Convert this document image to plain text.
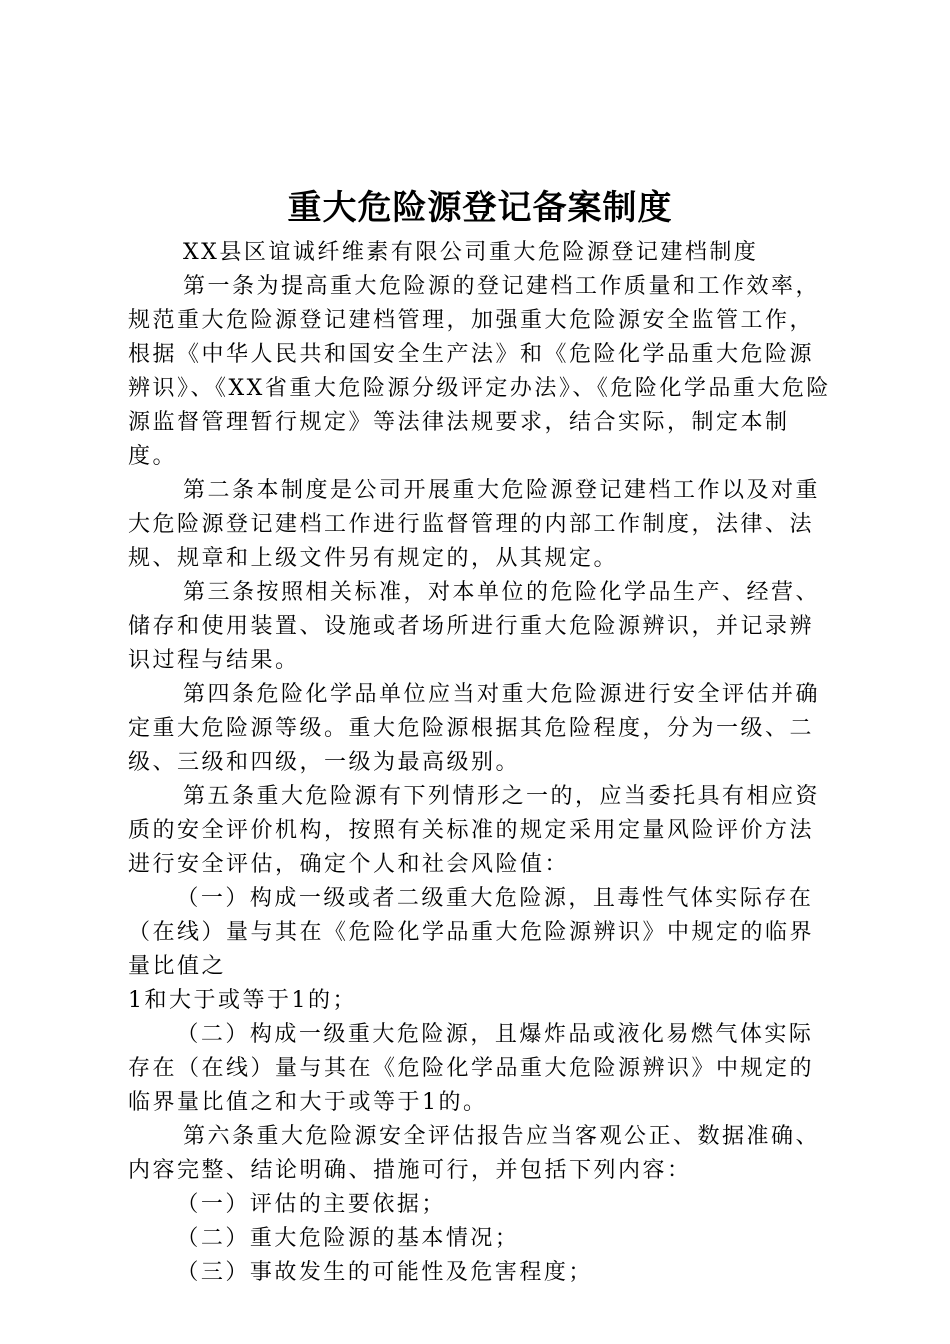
重大危险源登记备案制度

XX县区谊诚纤维素有限公司重大危险源登记建档制度

第一条为提高重大危险源的登记建档工作质量和工作效率，规范重大危险源登记建档管理，加强重大危险源安全监管工作，根据《中华人民共和国安全生产法》和《危险化学品重大危险源辨识》、《XX省重大危险源分级评定办法》、《危险化学品重大危险源监督管理暂行规定》等法律法规要求，结合实际，制定本制度。

第二条本制度是公司开展重大危险源登记建档工作以及对重大危险源登记建档工作进行监督管理的内部工作制度，法律、法规、规章和上级文件另有规定的，从其规定。

第三条按照相关标准，对本单位的危险化学品生产、经营、储存和使用装置、设施或者场所进行重大危险源辨识，并记录辨识过程与结果。

第四条危险化学品单位应当对重大危险源进行安全评估并确定重大危险源等级。重大危险源根据其危险程度，分为一级、二级、三级和四级，一级为最高级别。

第五条重大危险源有下列情形之一的，应当委托具有相应资质的安全评价机构，按照有关标准的规定采用定量风险评价方法进行安全评估，确定个人和社会风险值：

（一）构成一级或者二级重大危险源，且毒性气体实际存在（在线）量与其在《危险化学品重大危险源辨识》中规定的临界量比值之

1和大于或等于1的；

（二）构成一级重大危险源，且爆炸品或液化易燃气体实际存在（在线）量与其在《危险化学品重大危险源辨识》中规定的临界量比值之和大于或等于1的。

第六条重大危险源安全评估报告应当客观公正、数据准确、内容完整、结论明确、措施可行，并包括下列内容：

（一）评估的主要依据；

（二）重大危险源的基本情况；

（三）事故发生的可能性及危害程度；
